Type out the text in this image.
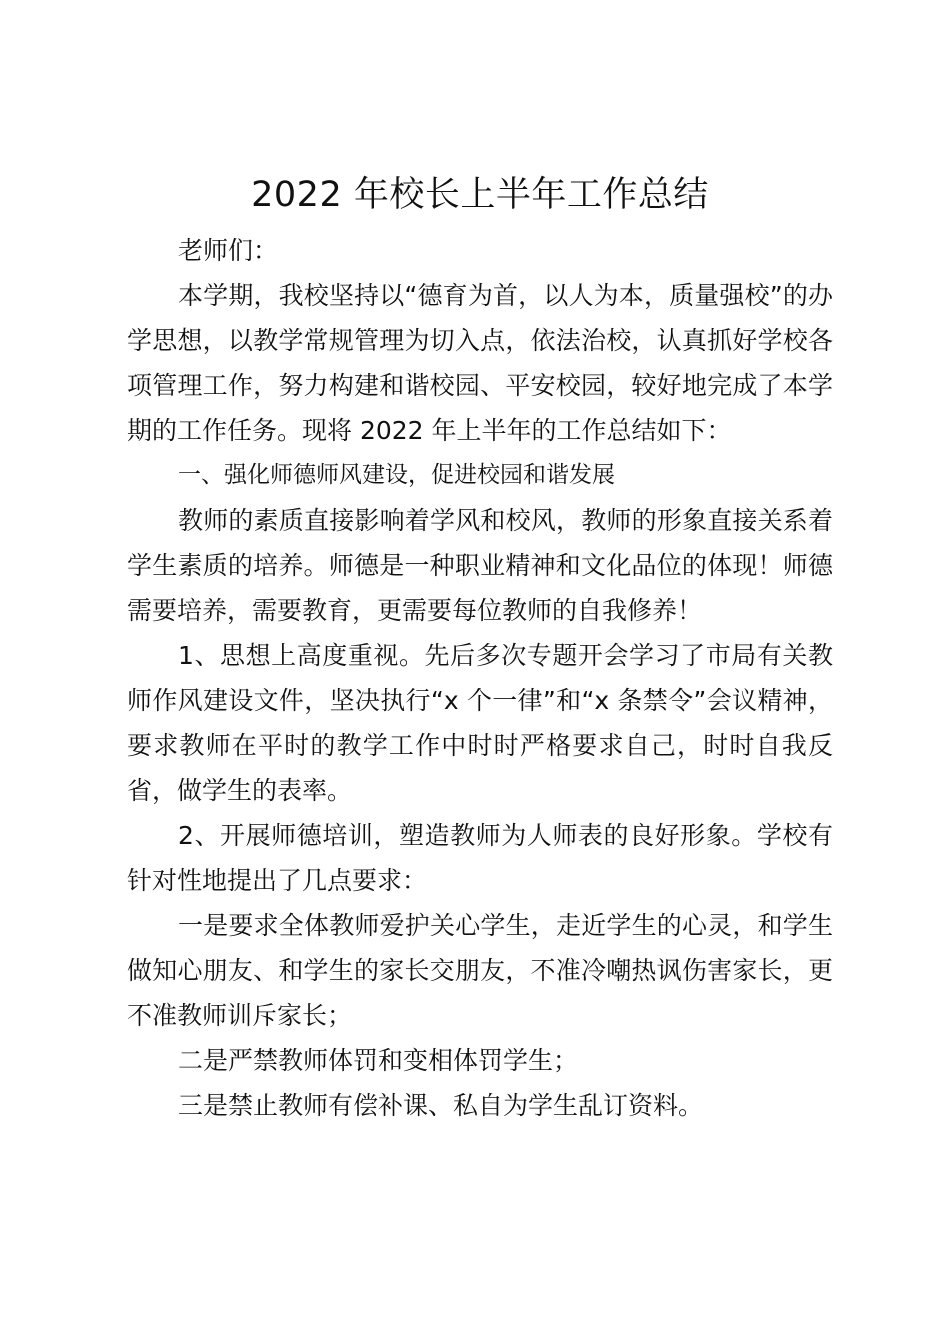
2022 年校长上半年工作总结

老师们：

本学期，我校坚持以“德育为首，以人为本，质量强校”的办学思想，以教学常规管理为切入点，依法治校，认真抓好学校各项管理工作，努力构建和谐校园、平安校园，较好地完成了本学期的工作任务。现将 2022 年上半年的工作总结如下：

一、强化师德师风建设，促进校园和谐发展

教师的素质直接影响着学风和校风，教师的形象直接关系着学生素质的培养。师德是一种职业精神和文化品位的体现！师德需要培养，需要教育，更需要每位教师的自我修养！

1、思想上高度重视。先后多次专题开会学习了市局有关教师作风建设文件，坚决执行“x 个一律”和“x 条禁令”会议精神，要求教师在平时的教学工作中时时严格要求自己，时时自我反省，做学生的表率。

2、开展师德培训，塑造教师为人师表的良好形象。学校有针对性地提出了几点要求：

一是要求全体教师爱护关心学生，走近学生的心灵，和学生做知心朋友、和学生的家长交朋友，不准冷嘲热讽伤害家长，更不准教师训斥家长；

二是严禁教师体罚和变相体罚学生；

三是禁止教师有偿补课、私自为学生乱订资料。
